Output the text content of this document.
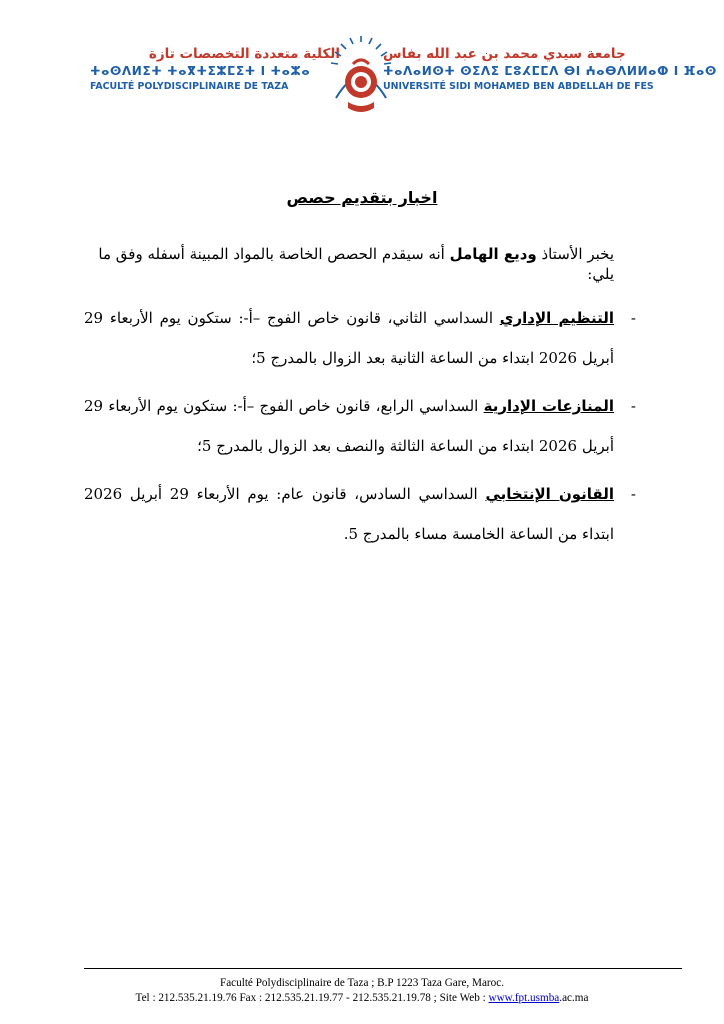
الكلية متعددة التخصصات تازة
ⵜⴰⵙⴷⵍⵉⵜ ⵜⴰⴳⵜⵉⵣⵎⵉⵜ ⵏ ⵜⴰⵣⴰ
FACULTÉ POLYDISCIPLINAIRE DE TAZA
جامعة سيدي محمد بن عبد الله بفاس
ⵜⴰⴷⴰⵍⵙⵜ ⵙⵉⴷⵉ ⵎⵓⵃⵎⵎⴷ ⴱⵏ ⵄⴰⴱⴷⵍⵍⴰⵀ ⵏ ⴼⴰⵙ
UNIVERSITÉ SIDI MOHAMED BEN ABDELLAH DE FES
اخبار بتقديم حصص

يخبر الأستاذ وديع الهامل أنه سيقدم الحصص الخاصة بالمواد المبينة أسفله وفق ما يلي:

-
التنظيم الإداري السداسي الثاني، قانون خاص الفوج –أ-: ستكون يوم الأربعاء 29 أبريل 2026 ابتداء من الساعة الثانية بعد الزوال بالمدرج 5؛

-
المنازعات الإدارية السداسي الرابع، قانون خاص الفوج –أ-: ستكون يوم الأربعاء 29 أبريل 2026 ابتداء من الساعة الثالثة والنصف بعد الزوال بالمدرج 5؛

-
القانون الإنتخابي السداسي السادس، قانون عام: يوم الأربعاء 29 أبريل 2026 ابتداء من الساعة الخامسة مساء بالمدرج 5.

Faculté Polydisciplinaire de Taza ; B.P 1223 Taza Gare, Maroc.
Tel : 212.535.21.19.76 Fax : 212.535.21.19.77 - 212.535.21.19.78 ; Site Web : www.fpt.usmba.ac.ma
